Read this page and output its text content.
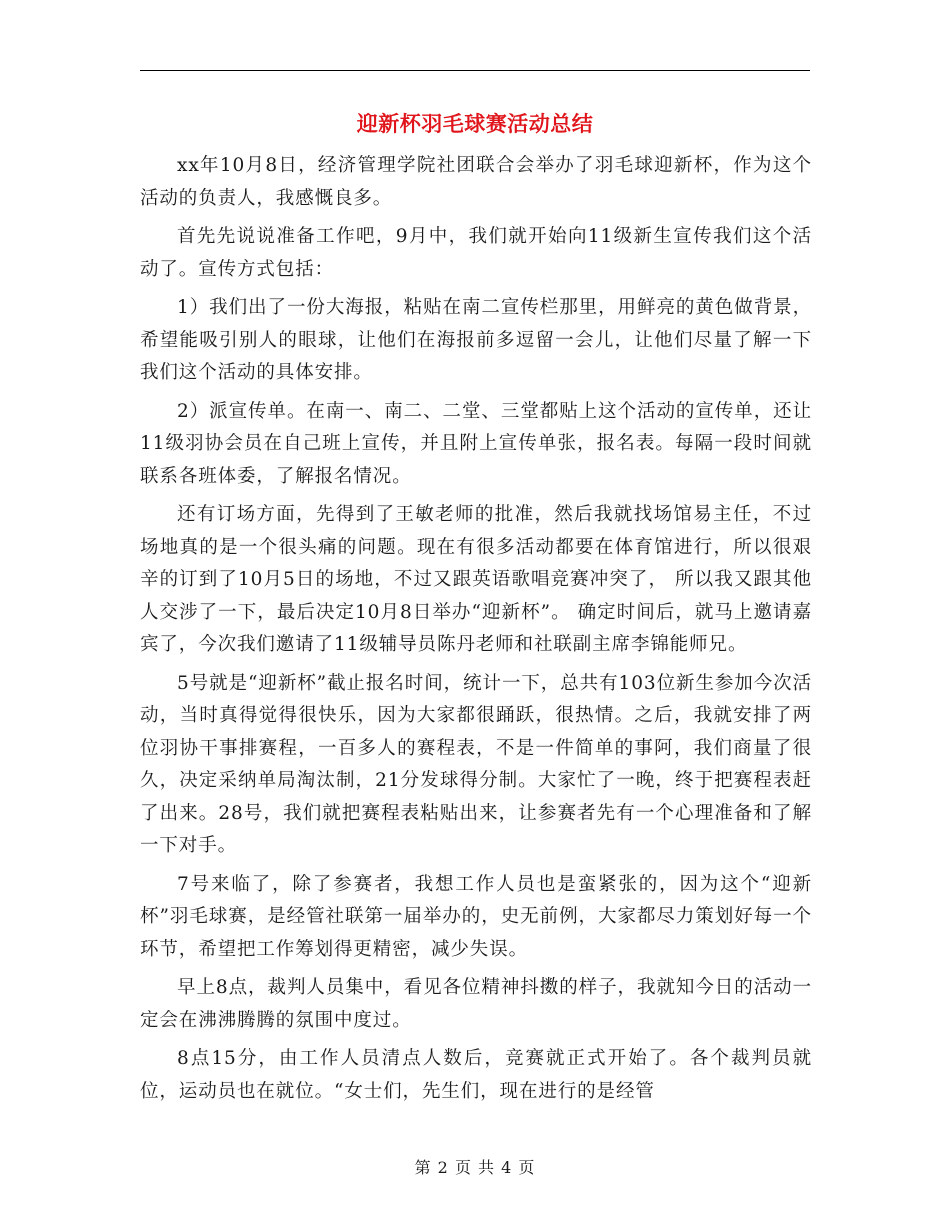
迎新杯羽毛球赛活动总结

xx年10月8日，经济管理学院社团联合会举办了羽毛球迎新杯，作为这个活动的负责人，我感慨良多。

首先先说说准备工作吧，9月中，我们就开始向11级新生宣传我们这个活动了。宣传方式包括：

1）我们出了一份大海报，粘贴在南二宣传栏那里，用鲜亮的黄色做背景，希望能吸引别人的眼球，让他们在海报前多逗留一会儿，让他们尽量了解一下我们这个活动的具体安排。

2）派宣传单。在南一、南二、二堂、三堂都贴上这个活动的宣传单，还让11级羽协会员在自己班上宣传，并且附上宣传单张，报名表。每隔一段时间就联系各班体委，了解报名情况。

还有订场方面，先得到了王敏老师的批准，然后我就找场馆易主任，不过场地真的是一个很头痛的问题。现在有很多活动都要在体育馆进行，所以很艰辛的订到了10月5日的场地，不过又跟英语歌唱竞赛冲突了， 所以我又跟其他人交涉了一下，最后决定10月8日举办“迎新杯”。 确定时间后，就马上邀请嘉宾了，今次我们邀请了11级辅导员陈丹老师和社联副主席李锦能师兄。

5号就是“迎新杯”截止报名时间，统计一下，总共有103位新生参加今次活动，当时真得觉得很快乐，因为大家都很踊跃，很热情。之后，我就安排了两位羽协干事排赛程，一百多人的赛程表，不是一件简单的事阿，我们商量了很久，决定采纳单局淘汰制，21分发球得分制。大家忙了一晚，终于把赛程表赶了出来。28号，我们就把赛程表粘贴出来，让参赛者先有一个心理准备和了解一下对手。

7号来临了，除了参赛者，我想工作人员也是蛮紧张的，因为这个“迎新杯”羽毛球赛，是经管社联第一届举办的，史无前例，大家都尽力策划好每一个环节，希望把工作筹划得更精密，减少失误。

早上8点，裁判人员集中，看见各位精神抖擞的样子，我就知今日的活动一定会在沸沸腾腾的氛围中度过。

8点15分，由工作人员清点人数后，竞赛就正式开始了。各个裁判员就位，运动员也在就位。“女士们，先生们，现在进行的是经管

第 2 页 共 4 页
